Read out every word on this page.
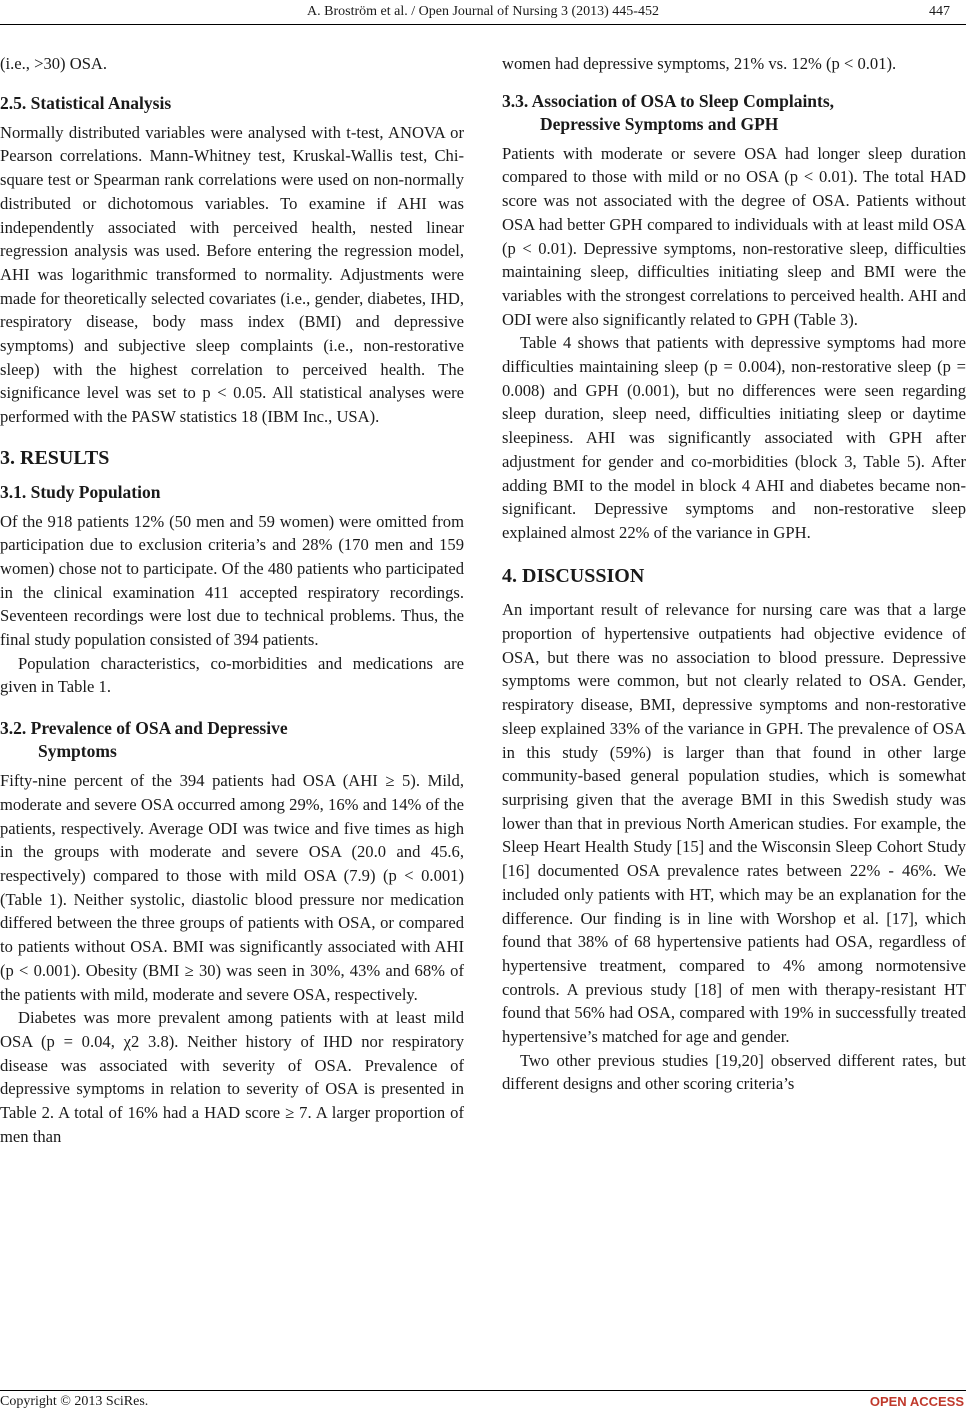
A. Broström et al. / Open Journal of Nursing 3 (2013) 445-452	447

(i.e., >30) OSA.

2.5. Statistical Analysis

Normally distributed variables were analysed with t-test, ANOVA or Pearson correlations. Mann-Whitney test, Kruskal-Wallis test, Chi-square test or Spearman rank correlations were used on non-normally distributed or dichotomous variables. To examine if AHI was independently associated with perceived health, nested linear regression analysis was used. Before entering the regression model, AHI was logarithmic transformed to normality. Adjustments were made for theoretically selected covariates (i.e., gender, diabetes, IHD, respiratory disease, body mass index (BMI) and depressive symptoms) and subjective sleep complaints (i.e., non-restorative sleep) with the highest correlation to perceived health. The significance level was set to p < 0.05. All statistical analyses were performed with the PASW statistics 18 (IBM Inc., USA).

3. RESULTS
3.1. Study Population

Of the 918 patients 12% (50 men and 59 women) were omitted from participation due to exclusion criteria’s and 28% (170 men and 159 women) chose not to participate. Of the 480 patients who participated in the clinical examination 411 accepted respiratory recordings. Seventeen recordings were lost due to technical problems. Thus, the final study population consisted of 394 patients.

Population characteristics, co-morbidities and medications are given in Table 1.

3.2. Prevalence of OSA and Depressive
Symptoms

Fifty-nine percent of the 394 patients had OSA (AHI ≥ 5). Mild, moderate and severe OSA occurred among 29%, 16% and 14% of the patients, respectively. Average ODI was twice and five times as high in the groups with moderate and severe OSA (20.0 and 45.6, respectively) compared to those with mild OSA (7.9) (p < 0.001) (Table 1). Neither systolic, diastolic blood pressure nor medication differed between the three groups of patients with OSA, or compared to patients without OSA. BMI was significantly associated with AHI (p < 0.001). Obesity (BMI ≥ 30) was seen in 30%, 43% and 68% of the patients with mild, moderate and severe OSA, respectively.

Diabetes was more prevalent among patients with at least mild OSA (p = 0.04, χ2 3.8). Neither history of IHD nor respiratory disease was associated with severity of OSA. Prevalence of depressive symptoms in relation to severity of OSA is presented in Table 2. A total of 16% had a HAD score ≥ 7. A larger proportion of men than

women had depressive symptoms, 21% vs. 12% (p < 0.01).

3.3. Association of OSA to Sleep Complaints,
Depressive Symptoms and GPH

Patients with moderate or severe OSA had longer sleep duration compared to those with mild or no OSA (p < 0.01). The total HAD score was not associated with the degree of OSA. Patients without OSA had better GPH compared to individuals with at least mild OSA (p < 0.01). Depressive symptoms, non-restorative sleep, difficulties maintaining sleep, difficulties initiating sleep and BMI were the variables with the strongest correlations to perceived health. AHI and ODI were also significantly related to GPH (Table 3).

Table 4 shows that patients with depressive symptoms had more difficulties maintaining sleep (p = 0.004), non-restorative sleep (p = 0.008) and GPH (0.001), but no differences were seen regarding sleep duration, sleep need, difficulties initiating sleep or daytime sleepiness. AHI was significantly associated with GPH after adjustment for gender and co-morbidities (block 3, Table 5). After adding BMI to the model in block 4 AHI and diabetes became non-significant. Depressive symptoms and non-restorative sleep explained almost 22% of the variance in GPH.

4. DISCUSSION

An important result of relevance for nursing care was that a large proportion of hypertensive outpatients had objective evidence of OSA, but there was no association to blood pressure. Depressive symptoms were common, but not clearly related to OSA. Gender, respiratory disease, BMI, depressive symptoms and non-restorative sleep explained 33% of the variance in GPH. The prevalence of OSA in this study (59%) is larger than that found in other large community-based general population studies, which is somewhat surprising given that the average BMI in this Swedish study was lower than that in previous North American studies. For example, the Sleep Heart Health Study [15] and the Wisconsin Sleep Cohort Study [16] documented OSA prevalence rates between 22% - 46%. We included only patients with HT, which may be an explanation for the difference. Our finding is in line with Worshop et al. [17], which found that 38% of 68 hypertensive patients had OSA, regardless of hypertensive treatment, compared to 4% among normotensive controls. A previous study [18] of men with therapy-resistant HT found that 56% had OSA, compared with 19% in successfully treated hypertensive’s matched for age and gender.

Two other previous studies [19,20] observed different rates, but different designs and other scoring criteria’s

Copyright © 2013 SciRes.	OPEN ACCESS
